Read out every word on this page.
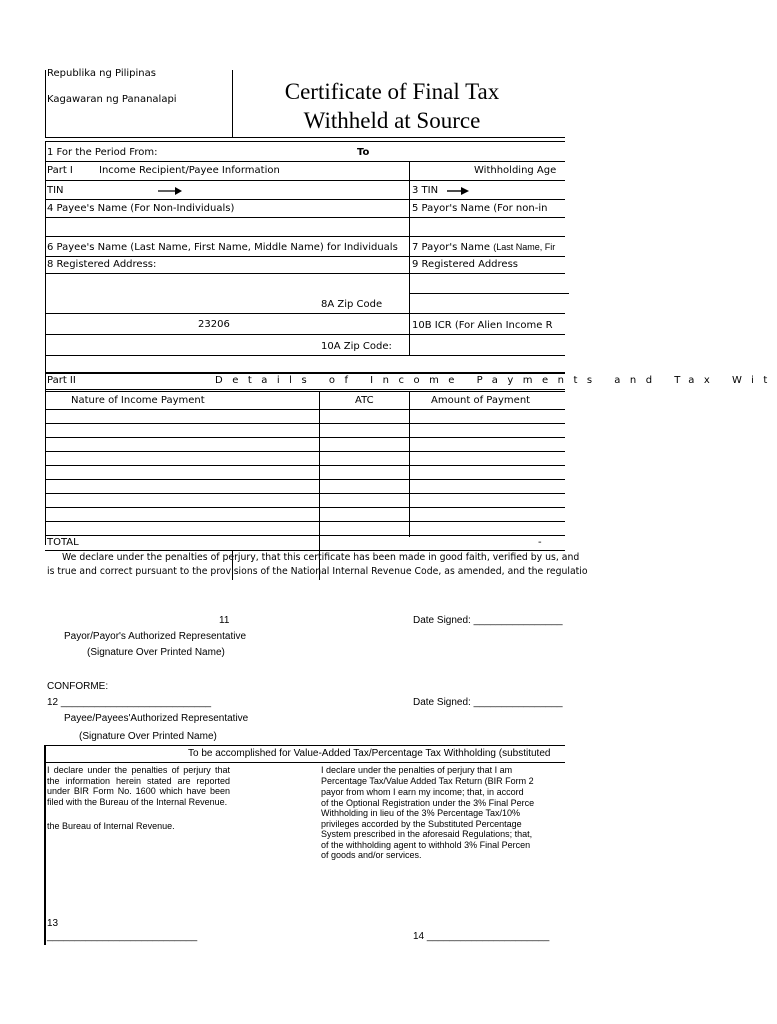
Republika ng Pilipinas
Kagawaran ng Pananalapi	Certificate of Final Tax
Withheld at Source
1 For the Period From:	To
Part I	Income Recipient/Payee Information	Withholding Age
TIN	3 TIN
4 Payee's Name (For Non-Individuals)	5 Payor's Name (For non-in
6 Payee's Name (Last Name, First Name, Middle Name) for Individuals 7 Payor's Name (Last Name, Fir
8 Registered Address:	9 Registered Address
8A Zip Code
23206	10B ICR (For Alien Income R
10A Zip Code:
Part II	Details of Income Payments and Tax Wit
Nature of Income Payment	ATC	Amount of Payment
TOTAL	-
We declare under the penalties of perjury, that this certificate has been made in good faith, verified by us, and
is true and correct pursuant to the provisions of the National Internal Revenue Code, as amended, and the regulatio
11	Date Signed: ________________
Payor/Payor's Authorized Representative
(Signature Over Printed Name)
CONFORME:
12 ___________________________	Date Signed: ________________
Payee/Payees'Authorized Representative
(Signature Over Printed Name)
To be accomplished for Value-Added Tax/Percentage Tax Withholding (substituted
I declare under the penalties of perjury that the information herein stated are reported under BIR Form No. 1600 which have been filed with the Bureau of the Internal Revenue.
the Bureau of Internal Revenue.
I declare under the penalties of perjury that I am
Percentage Tax/Value Added Tax Return (BIR Form 2
payor from whom I earn my income; that, in accord
of the Optional Registration under the 3% Final Perce
Withholding in lieu of the 3% Percentage Tax/10%
privileges accorded by the Substituted Percentage
System prescribed in the aforesaid Regulations; that,
of the withholding agent to withhold 3% Final Percen
of goods and/or services.
13
___________________________	14 ______________________
